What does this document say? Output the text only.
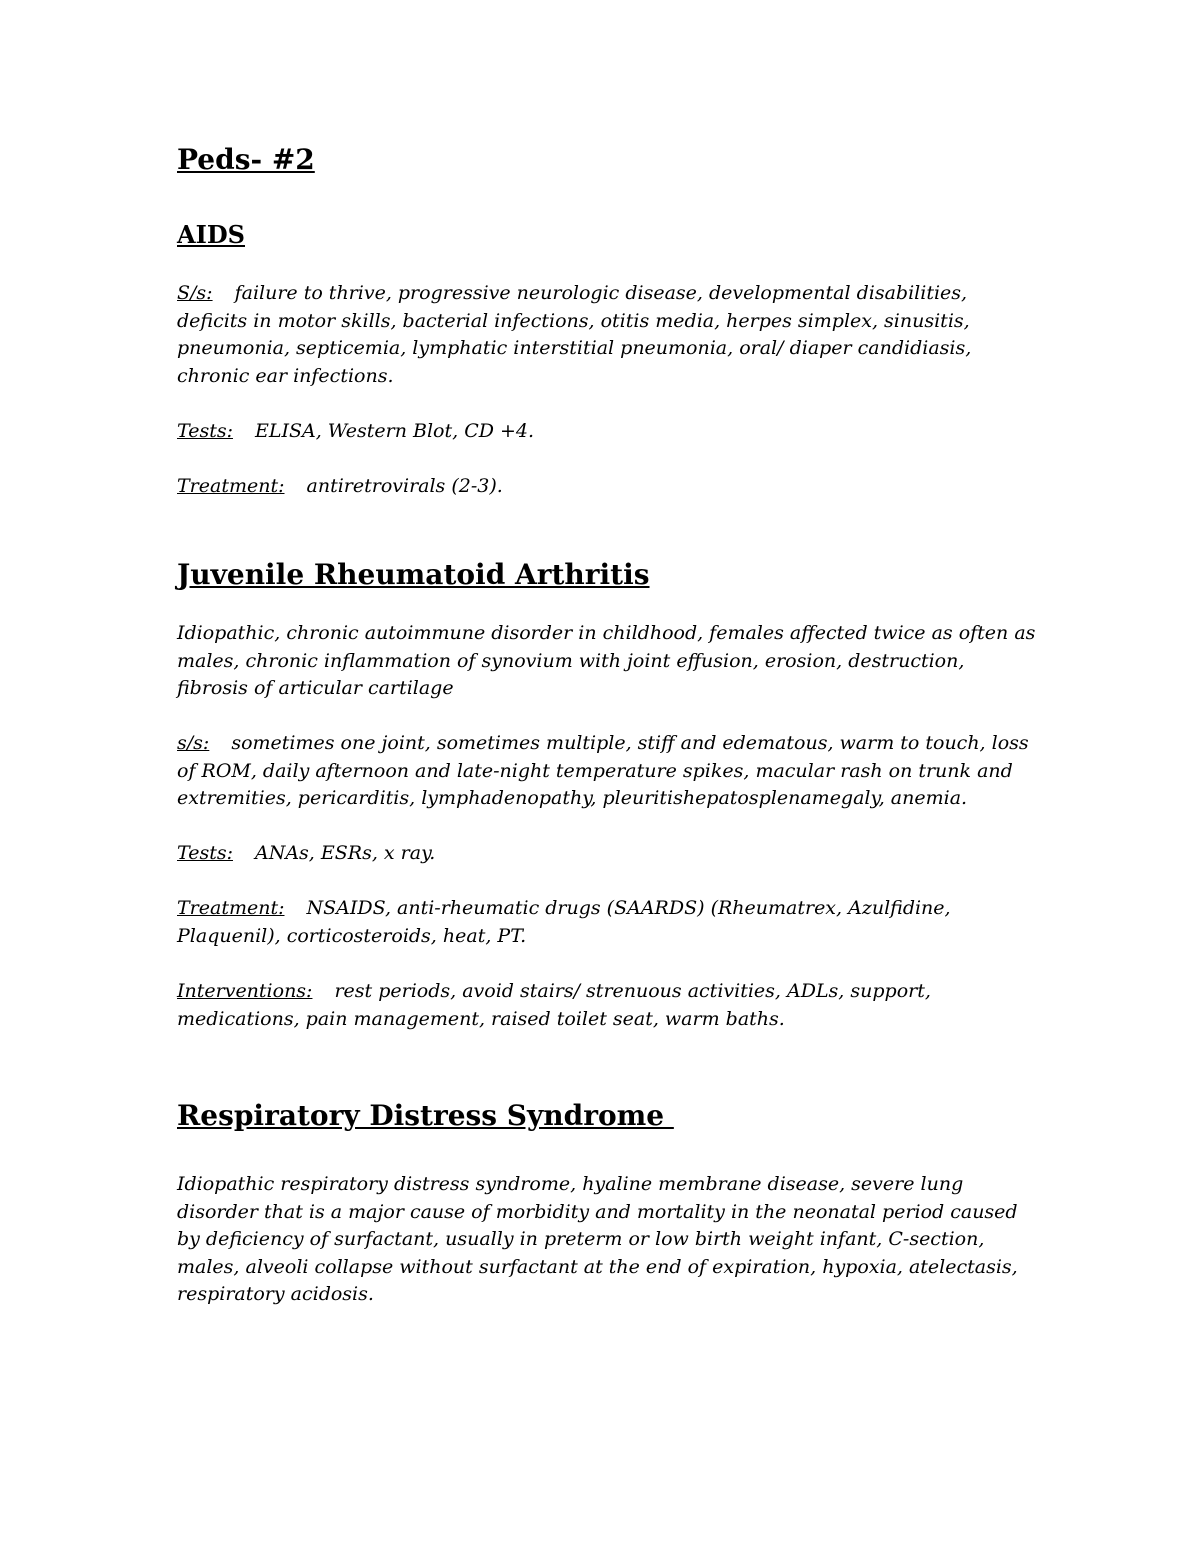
Peds- #2
AIDS

S/s: failure to thrive, progressive neurologic disease, developmental disabilities, deficits in motor skills, bacterial infections, otitis media, herpes simplex, sinusitis, pneumonia, septicemia, lymphatic interstitial pneumonia, oral/ diaper candidiasis, chronic ear infections.

Tests: ELISA, Western Blot, CD +4.

Treatment: antiretrovirals (2-3).

Juvenile Rheumatoid Arthritis

Idiopathic, chronic autoimmune disorder in childhood, females affected twice as often as males, chronic inflammation of synovium with joint effusion, erosion, destruction, fibrosis of articular cartilage

s/s: sometimes one joint, sometimes multiple, stiff and edematous, warm to touch, loss of ROM, daily afternoon and late-night temperature spikes, macular rash on trunk and extremities, pericarditis, lymphadenopathy, pleuritishepatosplenamegaly, anemia.

Tests: ANAs, ESRs, x ray.

Treatment: NSAIDS, anti-rheumatic drugs (SAARDS) (Rheumatrex, Azulfidine, Plaquenil), corticosteroids, heat, PT.

Interventions: rest periods, avoid stairs/ strenuous activities, ADLs, support, medications, pain management, raised toilet seat, warm baths.

Respiratory Distress Syndrome

Idiopathic respiratory distress syndrome, hyaline membrane disease, severe lung disorder that is a major cause of morbidity and mortality in the neonatal period caused by deficiency of surfactant, usually in preterm or low birth weight infant, C-section, males, alveoli collapse without surfactant at the end of expiration, hypoxia, atelectasis, respiratory acidosis.
